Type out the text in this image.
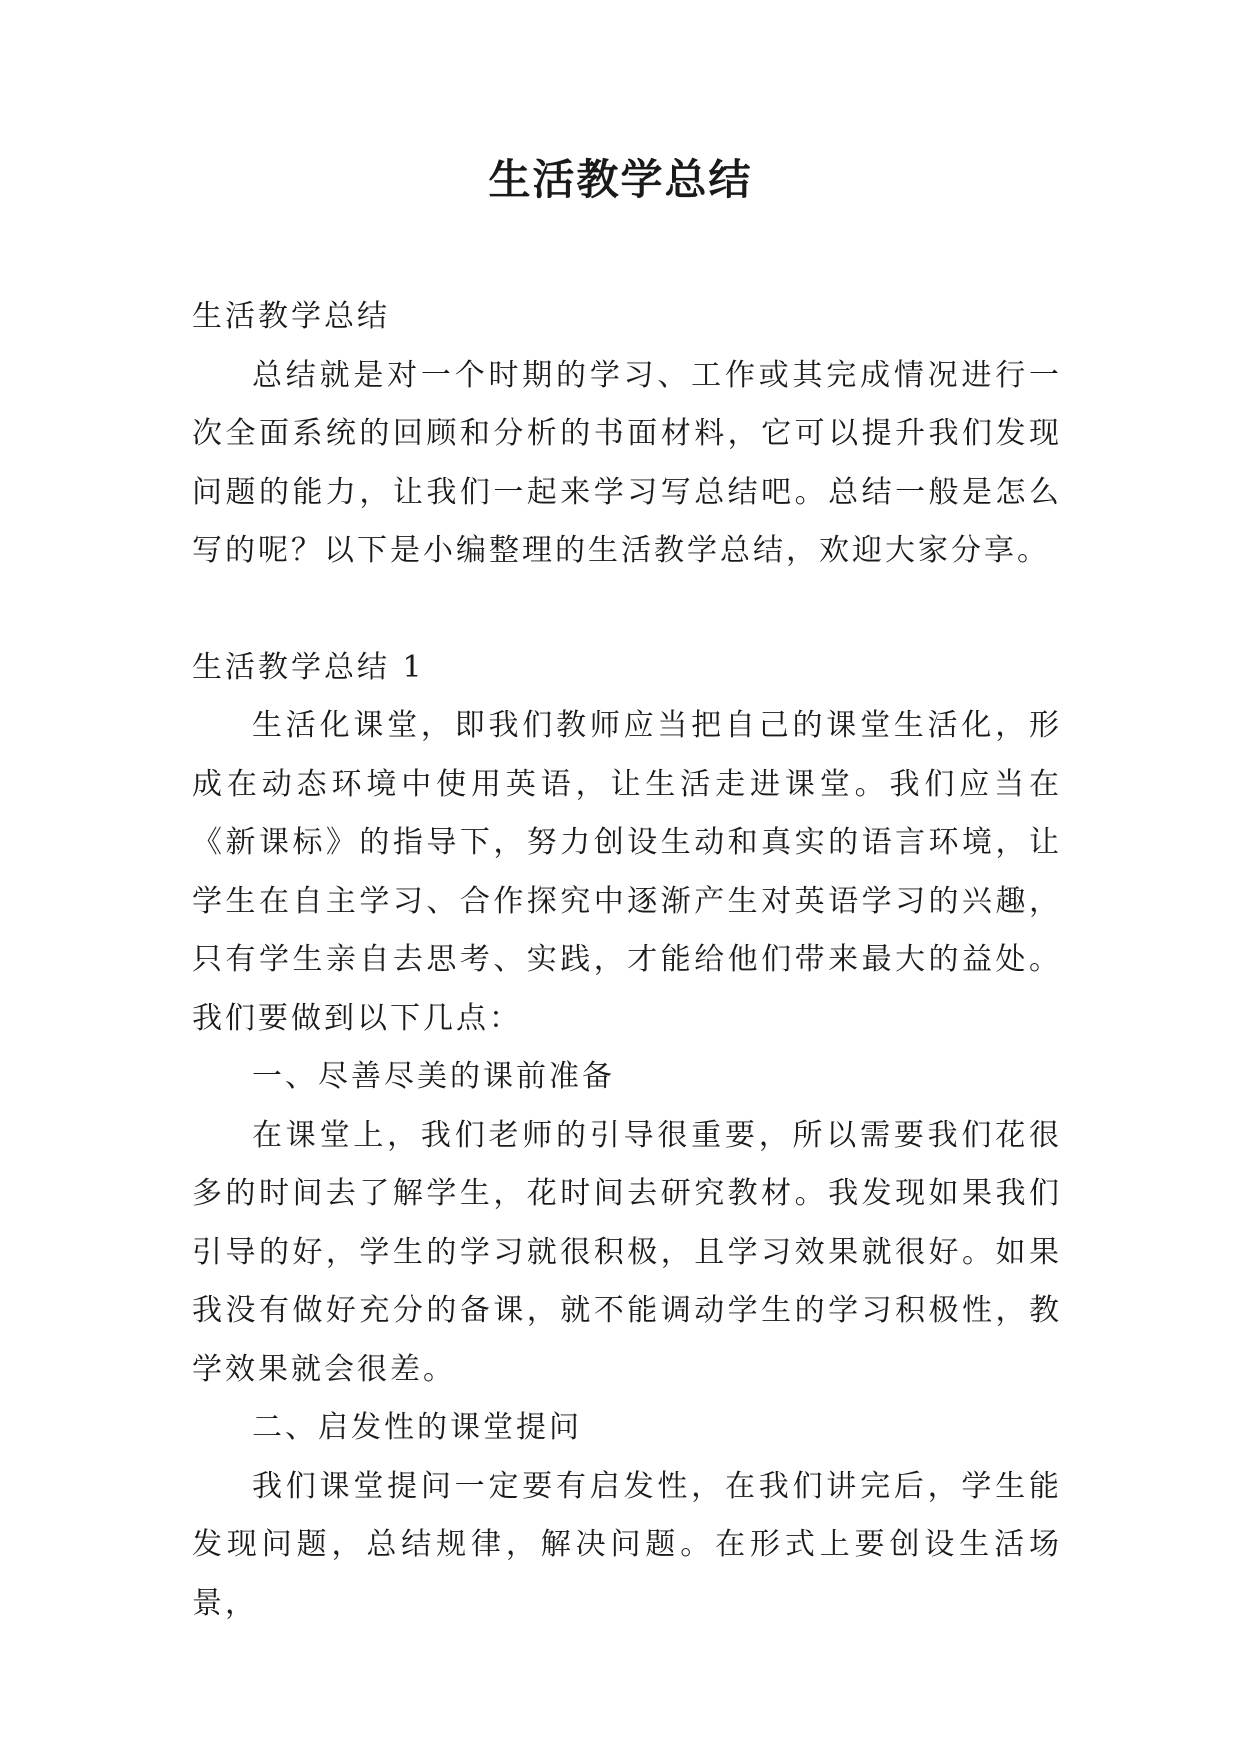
生活教学总结

生活教学总结

总结就是对一个时期的学习、工作或其完成情况进行一次全面系统的回顾和分析的书面材料，它可以提升我们发现问题的能力，让我们一起来学习写总结吧。总结一般是怎么写的呢？以下是小编整理的生活教学总结，欢迎大家分享。

生活教学总结 1

生活化课堂，即我们教师应当把自己的课堂生活化，形成在动态环境中使用英语，让生活走进课堂。我们应当在《新课标》的指导下，努力创设生动和真实的语言环境，让学生在自主学习、合作探究中逐渐产生对英语学习的兴趣，只有学生亲自去思考、实践，才能给他们带来最大的益处。我们要做到以下几点：

一、尽善尽美的课前准备

在课堂上，我们老师的引导很重要，所以需要我们花很多的时间去了解学生，花时间去研究教材。我发现如果我们引导的好，学生的学习就很积极，且学习效果就很好。如果我没有做好充分的备课，就不能调动学生的学习积极性，教学效果就会很差。

二、启发性的课堂提问

我们课堂提问一定要有启发性，在我们讲完后，学生能发现问题，总结规律，解决问题。在形式上要创设生活场景，
